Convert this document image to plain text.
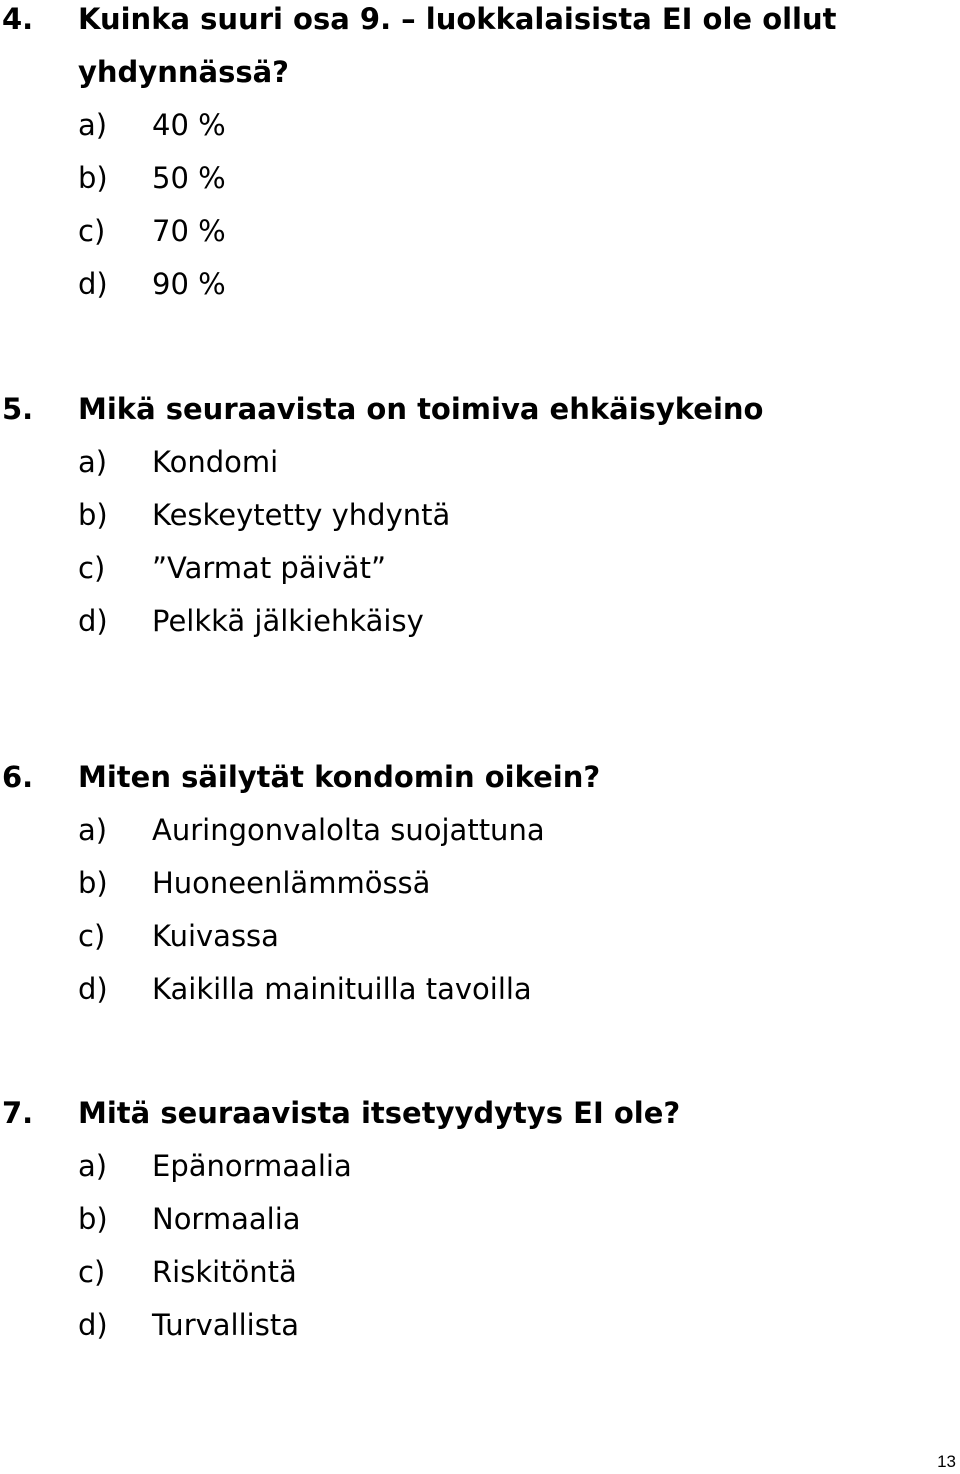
4. Kuinka suuri osa 9. – luokkalaisista EI ole ollut
yhdynnässä?
a) 40 %
b) 50 %
c) 70 %
d) 90 %
5. Mikä seuraavista on toimiva ehkäisykeino
a) Kondomi
b) Keskeytetty yhdyntä
c) ”Varmat päivät”
d) Pelkkä jälkiehkäisy
6. Miten säilytät kondomin oikein?
a) Auringonvalolta suojattuna
b) Huoneenlämmössä
c) Kuivassa
d) Kaikilla mainituilla tavoilla
7. Mitä seuraavista itsetyydytys EI ole?
a) Epänormaalia
b) Normaalia
c) Riskitöntä
d) Turvallista
13
